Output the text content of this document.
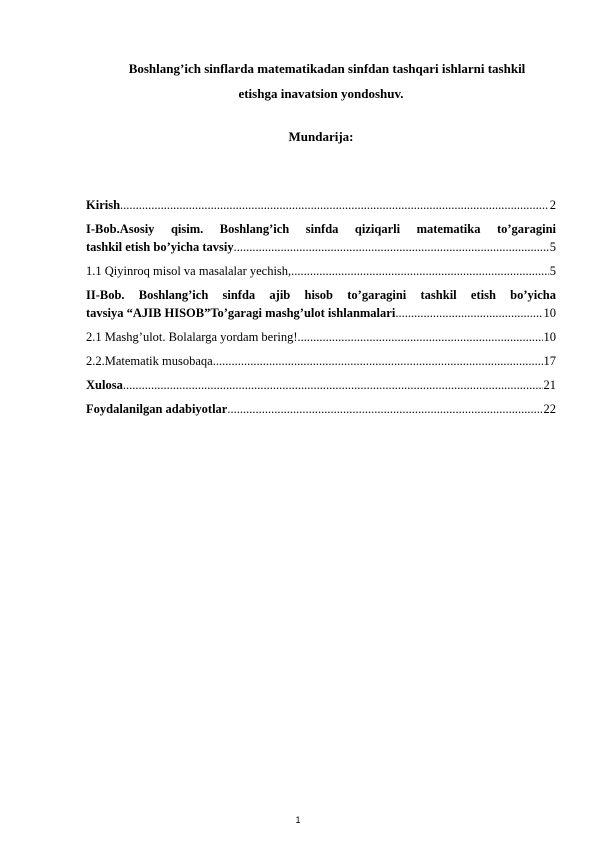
Boshlang’ich sinflarda matematikadan sinfdan tashqari ishlarni tashkil
etishga inavatsion yondoshuv.
Mundarija:
Kirish .....	2
I-Bob.Asosiy qisim. Boshlang’ich sinfda qiziqarli matematika to’garagini
tashkil etish bo’yicha tavsiy .....	5
1.1 Qiyinroq misol va masalalar yechish, .....	5
II-Bob. Boshlang’ich sinfda ajib hisob to’garagini tashkil etish bo’yicha
tavsiya “AJIB HISOB”To’garagi mashg’ulot ishlanmalari .....	10
2.1 Mashg’ulot. Bolalarga yordam bering! .....	10
2.2.Matematik musobaqa .....	17
Xulosa .....	21
Foydalanilgan adabiyotlar .....	22
1
